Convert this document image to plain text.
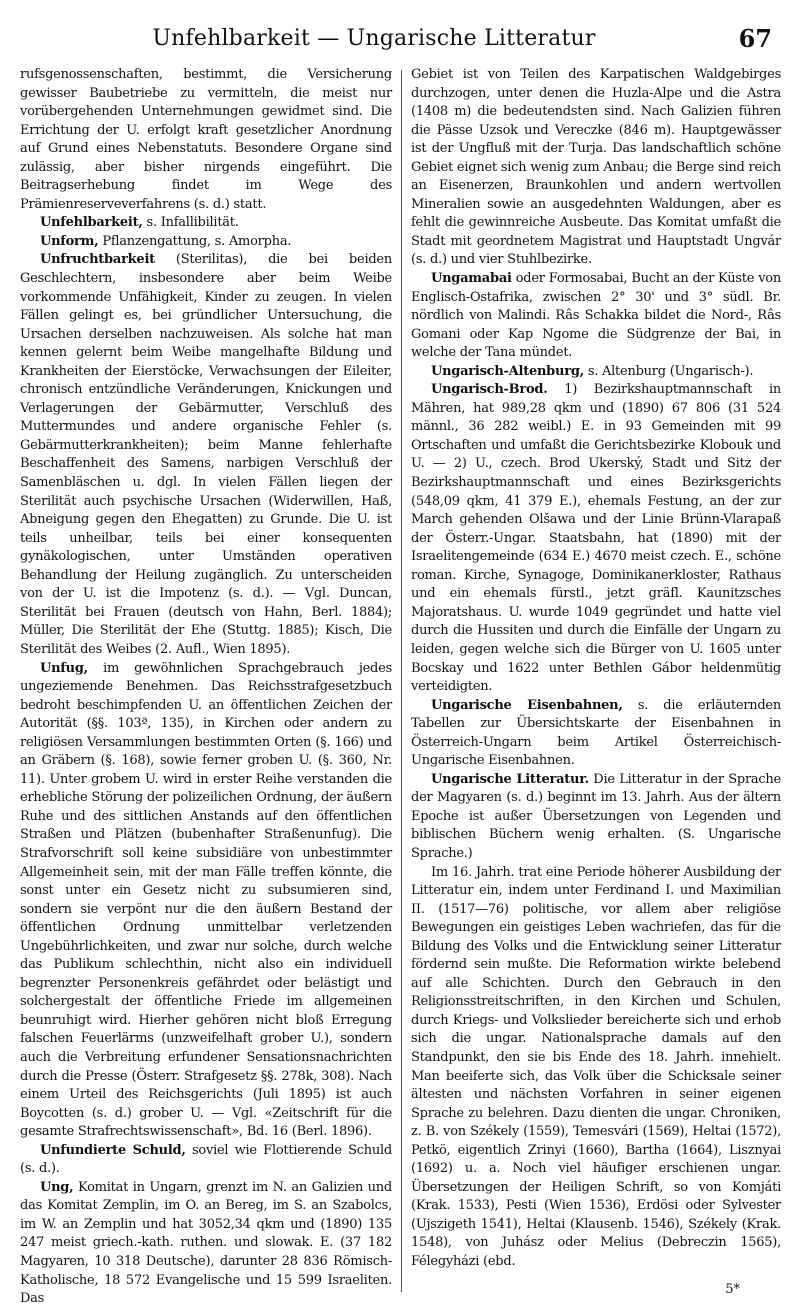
Unfehlbarkeit — Ungarische Litteratur	67

rufsgenossenschaften, bestimmt, die Versicherung gewisser Baubetriebe zu vermitteln, die meist nur vorübergehenden Unternehmungen gewidmet sind. Die Errichtung der U. erfolgt kraft gesetzlicher Anordnung auf Grund eines Nebenstatuts. Besondere Organe sind zulässig, aber bisher nirgends eingeführt. Die Beitragserhebung findet im Wege des Prämienreserveverfahrens (s. d.) statt.

Unfehlbarkeit, s. Infallibilität.

Unform, Pflanzengattung, s. Amorpha.

Unfruchtbarkeit (Sterilitas), die bei beiden Geschlechtern, insbesondere aber beim Weibe vorkommende Unfähigkeit, Kinder zu zeugen. In vielen Fällen gelingt es, bei gründlicher Untersuchung, die Ursachen derselben nachzuweisen. Als solche hat man kennen gelernt beim Weibe mangelhafte Bildung und Krankheiten der Eierstöcke, Verwachsungen der Eileiter, chronisch entzündliche Veränderungen, Knickungen und Verlagerungen der Gebärmutter, Verschluß des Muttermundes und andere organische Fehler (s. Gebärmutterkrankheiten); beim Manne fehlerhafte Beschaffenheit des Samens, narbigen Verschluß der Samenbläschen u. dgl. In vielen Fällen liegen der Sterilität auch psychische Ursachen (Widerwillen, Haß, Abneigung gegen den Ehegatten) zu Grunde. Die U. ist teils unheilbar, teils bei einer konsequenten gynäkologischen, unter Umständen operativen Behandlung der Heilung zugänglich. Zu unterscheiden von der U. ist die Impotenz (s. d.). — Vgl. Duncan, Sterilität bei Frauen (deutsch von Hahn, Berl. 1884); Müller, Die Sterilität der Ehe (Stuttg. 1885); Kisch, Die Sterilität des Weibes (2. Aufl., Wien 1895).

Unfug, im gewöhnlichen Sprachgebrauch jedes ungeziemende Benehmen. Das Reichsstrafgesetzbuch bedroht beschimpfenden U. an öffentlichen Zeichen der Autorität (§§. 103ª, 135), in Kirchen oder andern zu religiösen Versammlungen bestimmten Orten (§. 166) und an Gräbern (§. 168), sowie ferner groben U. (§. 360, Nr. 11). Unter grobem U. wird in erster Reihe verstanden die erhebliche Störung der polizeilichen Ordnung, der äußern Ruhe und des sittlichen Anstands auf den öffentlichen Straßen und Plätzen (bubenhafter Straßenunfug). Die Strafvorschrift soll keine subsidiäre von unbestimmter Allgemeinheit sein, mit der man Fälle treffen könnte, die sonst unter ein Gesetz nicht zu subsumieren sind, sondern sie verpönt nur die den äußern Bestand der öffentlichen Ordnung unmittelbar verletzenden Ungebührlichkeiten, und zwar nur solche, durch welche das Publikum schlechthin, nicht also ein individuell begrenzter Personenkreis gefährdet oder belästigt und solchergestalt der öffentliche Friede im allgemeinen beunruhigt wird. Hierher gehören nicht bloß Erregung falschen Feuerlärms (unzweifelhaft grober U.), sondern auch die Verbreitung erfundener Sensationsnachrichten durch die Presse (Österr. Strafgesetz §§. 278k, 308). Nach einem Urteil des Reichsgerichts (Juli 1895) ist auch Boycotten (s. d.) grober U. — Vgl. «Zeitschrift für die gesamte Strafrechtswissenschaft», Bd. 16 (Berl. 1896).

Unfundierte Schuld, soviel wie Flottierende Schuld (s. d.).

Ung, Komitat in Ungarn, grenzt im N. an Galizien und das Komitat Zemplin, im O. an Bereg, im S. an Szabolcs, im W. an Zemplin und hat 3052,34 qkm und (1890) 135 247 meist griech.-kath. ruthen. und slowak. E. (37 182 Magyaren, 10 318 Deutsche), darunter 28 836 Römisch-Katholische, 18 572 Evangelische und 15 599 Israeliten. Das

Gebiet ist von Teilen des Karpatischen Waldgebirges durchzogen, unter denen die Huzla-Alpe und die Astra (1408 m) die bedeutendsten sind. Nach Galizien führen die Pässe Uzsok und Vereczke (846 m). Hauptgewässer ist der Ungfluß mit der Turja. Das landschaftlich schöne Gebiet eignet sich wenig zum Anbau; die Berge sind reich an Eisenerzen, Braunkohlen und andern wertvollen Mineralien sowie an ausgedehnten Waldungen, aber es fehlt die gewinnreiche Ausbeute. Das Komitat umfaßt die Stadt mit geordnetem Magistrat und Hauptstadt Ungvár (s. d.) und vier Stuhlbezirke.

Ungamabai oder Formosabai, Bucht an der Küste von Englisch-Ostafrika, zwischen 2° 30' und 3° südl. Br. nördlich von Malindi. Râs Schakka bildet die Nord-, Râs Gomani oder Kap Ngome die Südgrenze der Bai, in welche der Tana mündet.

Ungarisch-Altenburg, s. Altenburg (Ungarisch-).

Ungarisch-Brod. 1) Bezirkshauptmannschaft in Mähren, hat 989,28 qkm und (1890) 67 806 (31 524 männl., 36 282 weibl.) E. in 93 Gemeinden mit 99 Ortschaften und umfaßt die Gerichtsbezirke Klobouk und U. — 2) U., czech. Brod Ukerský, Stadt und Sitz der Bezirkshauptmannschaft und eines Bezirksgerichts (548,09 qkm, 41 379 E.), ehemals Festung, an der zur March gehenden Olšawa und der Linie Brünn-Vlarapaß der Österr.-Ungar. Staatsbahn, hat (1890) mit der Israelitengemeinde (634 E.) 4670 meist czech. E., schöne roman. Kirche, Synagoge, Dominikanerkloster, Rathaus und ein ehemals fürstl., jetzt gräfl. Kaunitzsches Majoratshaus. U. wurde 1049 gegründet und hatte viel durch die Hussiten und durch die Einfälle der Ungarn zu leiden, gegen welche sich die Bürger von U. 1605 unter Bocskay und 1622 unter Bethlen Gábor heldenmütig verteidigten.

Ungarische Eisenbahnen, s. die erläuternden Tabellen zur Übersichtskarte der Eisenbahnen in Österreich-Ungarn beim Artikel Österreichisch-Ungarische Eisenbahnen.

Ungarische Litteratur. Die Litteratur in der Sprache der Magyaren (s. d.) beginnt im 13. Jahrh. Aus der ältern Epoche ist außer Übersetzungen von Legenden und biblischen Büchern wenig erhalten. (S. Ungarische Sprache.)

Im 16. Jahrh. trat eine Periode höherer Ausbildung der Litteratur ein, indem unter Ferdinand I. und Maximilian II. (1517—76) politische, vor allem aber religiöse Bewegungen ein geistiges Leben wachriefen, das für die Bildung des Volks und die Entwicklung seiner Litteratur fördernd sein mußte. Die Reformation wirkte belebend auf alle Schichten. Durch den Gebrauch in den Religionsstreitschriften, in den Kirchen und Schulen, durch Kriegs- und Volkslieder bereicherte sich und erhob sich die ungar. Nationalsprache damals auf den Standpunkt, den sie bis Ende des 18. Jahrh. innehielt. Man beeiferte sich, das Volk über die Schicksale seiner ältesten und nächsten Vorfahren in seiner eigenen Sprache zu belehren. Dazu dienten die ungar. Chroniken, z. B. von Székely (1559), Temesvári (1569), Heltai (1572), Petkö, eigentlich Zrinyi (1660), Bartha (1664), Lisznyai (1692) u. a. Noch viel häufiger erschienen ungar. Übersetzungen der Heiligen Schrift, so von Komjáti (Krak. 1533), Pesti (Wien 1536), Erdösi oder Sylvester (Ujszigeth 1541), Heltai (Klausenb. 1546), Székely (Krak. 1548), von Juhász oder Melius (Debreczin 1565), Félegyházi (ebd.

5*
